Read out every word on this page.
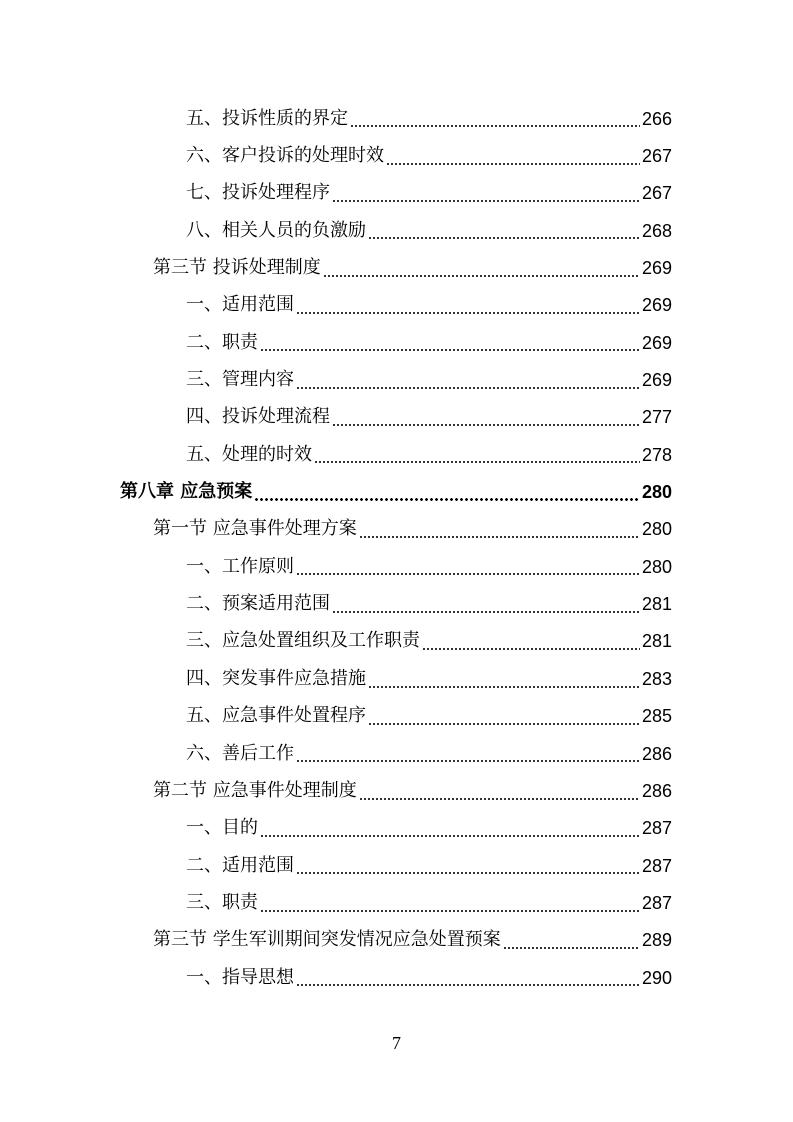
五、投诉性质的界定	266
六、客户投诉的处理时效	267
七、投诉处理程序	267
八、相关人员的负激励	268
第三节 投诉处理制度	269
一、适用范围	269
二、职责	269
三、管理内容	269
四、投诉处理流程	277
五、处理的时效	278
第八章 应急预案	280
第一节 应急事件处理方案	280
一、工作原则	280
二、预案适用范围	281
三、应急处置组织及工作职责	281
四、突发事件应急措施	283
五、应急事件处置程序	285
六、善后工作	286
第二节 应急事件处理制度	286
一、目的	287
二、适用范围	287
三、职责	287
第三节 学生军训期间突发情况应急处置预案	289
一、指导思想	290
7
